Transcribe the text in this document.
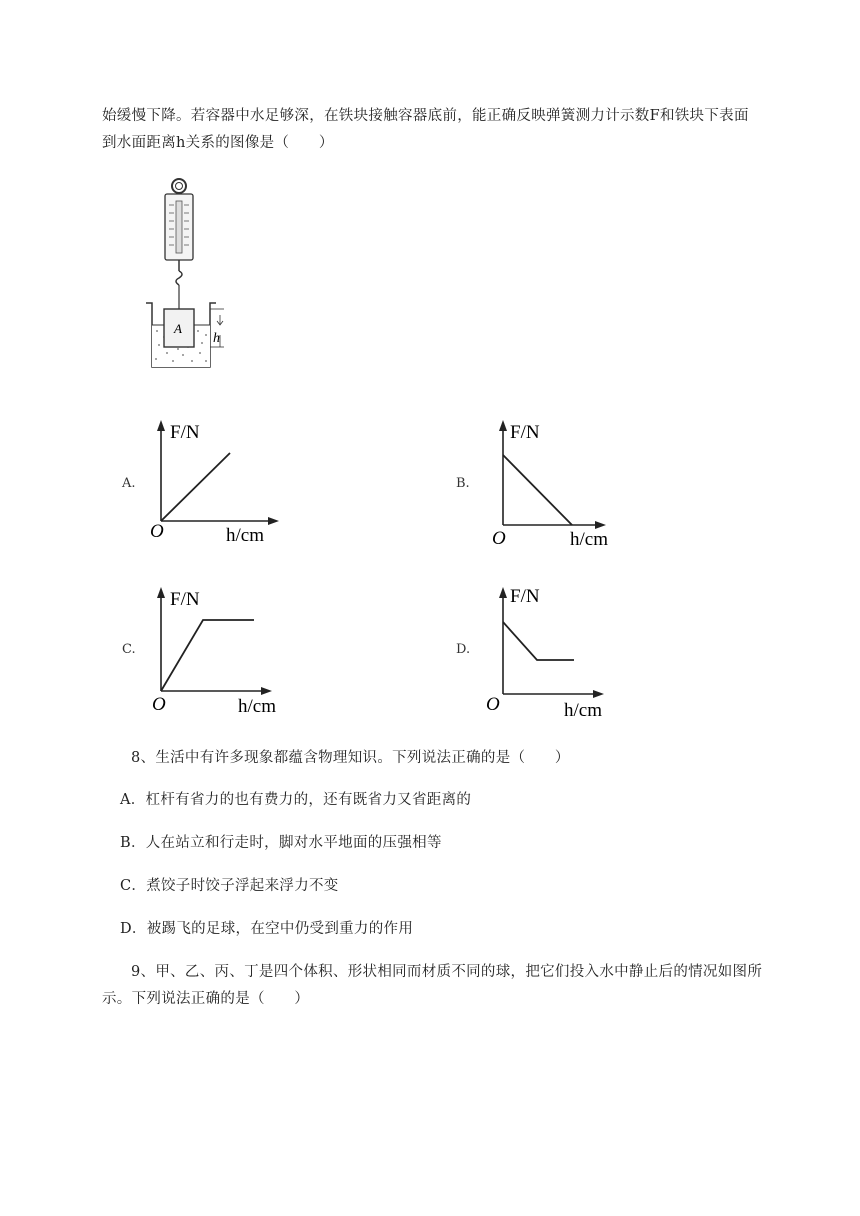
始缓慢下降。若容器中水足够深，在铁块接触容器底前，能正确反映弹簧测力计示数F和铁块下表面
到水面距离h关系的图像是（　　）
A
h
A.
F/N
O	h/cm
B.
F/N
O	h/cm
C.
F/N
O	h/cm
D.
F/N
O	h/cm
8、生活中有许多现象都蕴含物理知识。下列说法正确的是（　　）
A．杠杆有省力的也有费力的，还有既省力又省距离的
B．人在站立和行走时，脚对水平地面的压强相等
C．煮饺子时饺子浮起来浮力不变
D．被踢飞的足球，在空中仍受到重力的作用
9、甲、乙、丙、丁是四个体积、形状相同而材质不同的球，把它们投入水中静止后的情况如图所
示。下列说法正确的是（　　）
